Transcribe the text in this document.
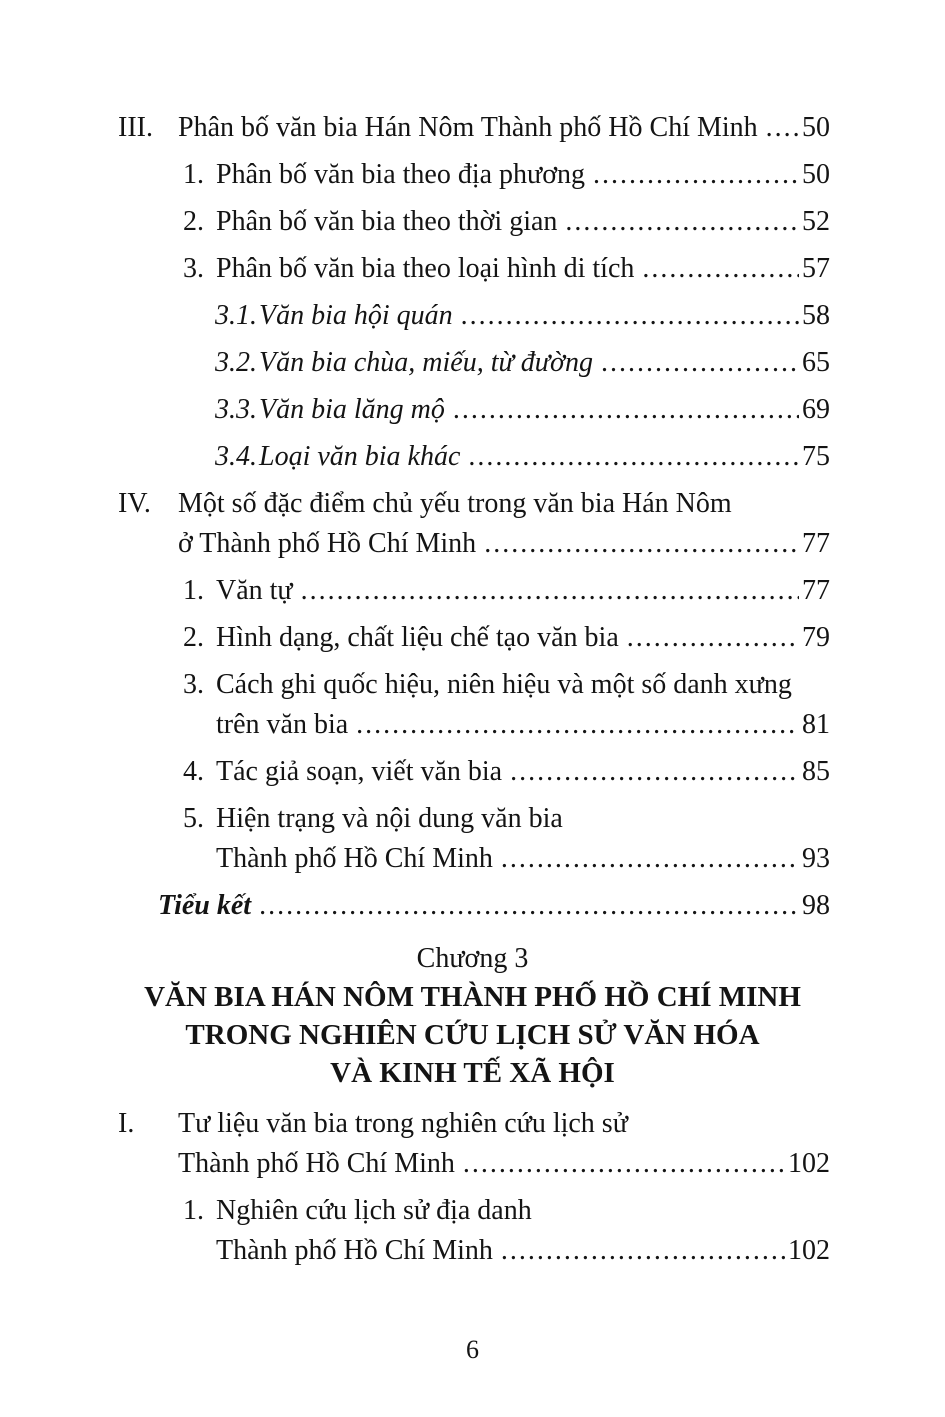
III. Phân bố văn bia Hán Nôm Thành phố Hồ Chí Minh ..... 50
1. Phân bố văn bia theo địa phương .....	50
2. Phân bố văn bia theo thời gian .....	52
3. Phân bố văn bia theo loại hình di tích .....	57
3.1. Văn bia hội quán .....	58
3.2. Văn bia chùa, miếu, từ đường .....	65
3.3. Văn bia lăng mộ .....	69
3.4. Loại văn bia khác .....	75
IV. Một số đặc điểm chủ yếu trong văn bia Hán Nôm
ở Thành phố Hồ Chí Minh .....	77
1. Văn tự .....	77
2. Hình dạng, chất liệu chế tạo văn bia .....	79
3. Cách ghi quốc hiệu, niên hiệu và một số danh xưng
trên văn bia .....	81
4. Tác giả soạn, viết văn bia .....	85
5. Hiện trạng và nội dung văn bia
Thành phố Hồ Chí Minh .....	93
Tiểu kết .....	98
Chương 3
VĂN BIA HÁN NÔM THÀNH PHỐ HỒ CHÍ MINH
TRONG NGHIÊN CỨU LỊCH SỬ VĂN HÓA
VÀ KINH TẾ XÃ HỘI
I.	Tư liệu văn bia trong nghiên cứu lịch sử
Thành phố Hồ Chí Minh .....	102
1. Nghiên cứu lịch sử địa danh
Thành phố Hồ Chí Minh .....	102
6
